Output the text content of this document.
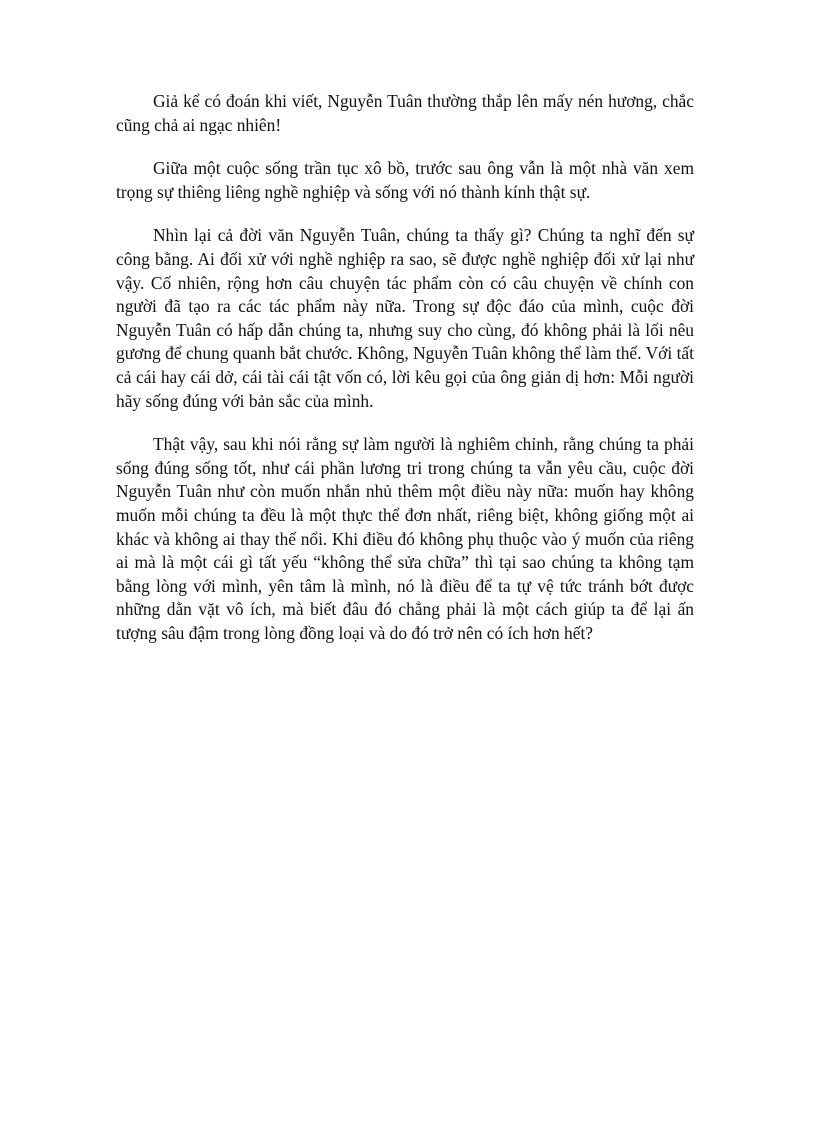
Giả kể có đoán khi viết, Nguyễn Tuân thường thắp lên mấy nén hương, chắc cũng chả ai ngạc nhiên!

Giữa một cuộc sống trần tục xô bồ, trước sau ông vẫn là một nhà văn xem trọng sự thiêng liêng nghề nghiệp và sống với nó thành kính thật sự.

Nhìn lại cả đời văn Nguyễn Tuân, chúng ta thấy gì? Chúng ta nghĩ đến sự công bằng. Ai đối xử với nghề nghiệp ra sao, sẽ được nghề nghiệp đối xử lại như vậy. Cố nhiên, rộng hơn câu chuyện tác phẩm còn có câu chuyện về chính con người đã tạo ra các tác phẩm này nữa. Trong sự độc đáo của mình, cuộc đời Nguyễn Tuân có hấp dẫn chúng ta, nhưng suy cho cùng, đó không phải là lối nêu gương để chung quanh bắt chước. Không, Nguyễn Tuân không thể làm thế. Với tất cả cái hay cái dở, cái tài cái tật vốn có, lời kêu gọi của ông giản dị hơn: Mỗi người hãy sống đúng với bản sắc của mình.

Thật vậy, sau khi nói rằng sự làm người là nghiêm chỉnh, rằng chúng ta phải sống đúng sống tốt, như cái phần lương tri trong chúng ta vẫn yêu cầu, cuộc đời Nguyễn Tuân như còn muốn nhắn nhủ thêm một điều này nữa: muốn hay không muốn mỗi chúng ta đều là một thực thể đơn nhất, riêng biệt, không giống một ai khác và không ai thay thế nổi. Khi điều đó không phụ thuộc vào ý muốn của riêng ai mà là một cái gì tất yếu “không thể sửa chữa” thì tại sao chúng ta không tạm bằng lòng với mình, yên tâm là mình, nó là điều để ta tự vệ tức tránh bớt được những dằn vặt vô ích, mà biết đâu đó chẳng phải là một cách giúp ta để lại ấn tượng sâu đậm trong lòng đồng loại và do đó trở nên có ích hơn hết?
